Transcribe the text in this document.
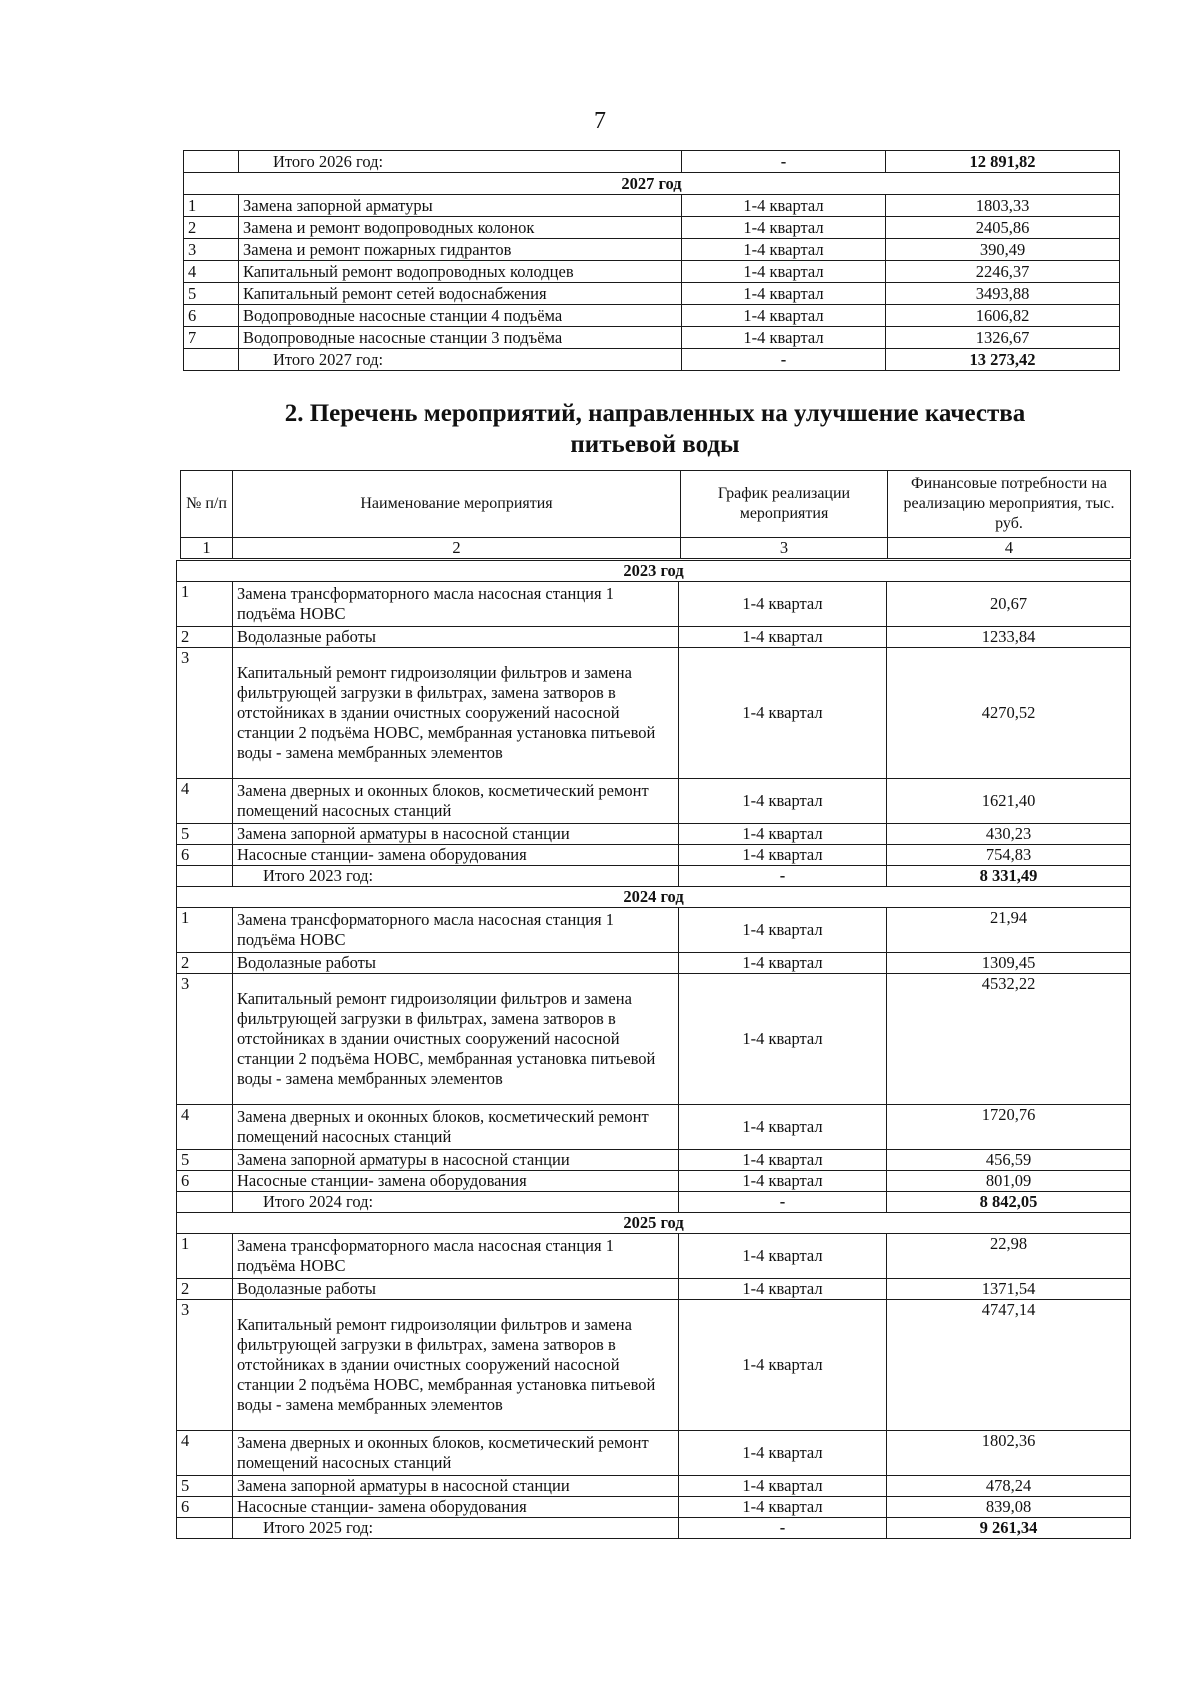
7
	Итого 2026 год:	-	12 891,82
2027 год			
1	Замена запорной арматуры	1-4 квартал	1803,33
2	Замена и ремонт водопроводных колонок	1-4 квартал	2405,86
3	Замена и ремонт пожарных гидрантов	1-4 квартал	390,49
4	Капитальный ремонт водопроводных колодцев	1-4 квартал	2246,37
5	Капитальный ремонт сетей водоснабжения	1-4 квартал	3493,88
6	Водопроводные насосные станции 4 подъёма	1-4 квартал	1606,82
7	Водопроводные насосные станции 3 подъёма	1-4 квартал	1326,67
	Итого 2027 год:	-	13 273,42
2. Перечень мероприятий, направленных на улучшение качества
питьевой воды
№ п/п	Наименование мероприятия	График реализации мероприятия	Финансовые потребности на реализацию мероприятия, тыс. руб.
1	2	3	4
2023 год			
1	Замена трансформаторного масла насосная станция 1 подъёма НОВС	1-4 квартал	20,67
2	Водолазные работы	1-4 квартал	1233,84
3	Капитальный ремонт гидроизоляции фильтров и замена фильтрующей загрузки в фильтрах, замена затворов в отстойниках в здании очистных сооружений насосной станции 2 подъёма НОВС, мембранная установка питьевой воды - замена мембранных элементов	1-4 квартал	4270,52
4	Замена дверных и оконных блоков, косметический ремонт помещений насосных станций	1-4 квартал	1621,40
5	Замена запорной арматуры в насосной станции	1-4 квартал	430,23
6	Насосные станции- замена оборудования	1-4 квартал	754,83
	Итого 2023 год:	-	8 331,49
2024 год			
1	Замена трансформаторного масла насосная станция 1 подъёма НОВС	1-4 квартал	21,94
2	Водолазные работы	1-4 квартал	1309,45
3	Капитальный ремонт гидроизоляции фильтров и замена фильтрующей загрузки в фильтрах, замена затворов в отстойниках в здании очистных сооружений насосной станции 2 подъёма НОВС, мембранная установка питьевой воды - замена мембранных элементов	1-4 квартал	4532,22
4	Замена дверных и оконных блоков, косметический ремонт помещений насосных станций	1-4 квартал	1720,76
5	Замена запорной арматуры в насосной станции	1-4 квартал	456,59
6	Насосные станции- замена оборудования	1-4 квартал	801,09
	Итого 2024 год:	-	8 842,05
2025 год			
1	Замена трансформаторного масла насосная станция 1 подъёма НОВС	1-4 квартал	22,98
2	Водолазные работы	1-4 квартал	1371,54
3	Капитальный ремонт гидроизоляции фильтров и замена фильтрующей загрузки в фильтрах, замена затворов в отстойниках в здании очистных сооружений насосной станции 2 подъёма НОВС, мембранная установка питьевой воды - замена мембранных элементов	1-4 квартал	4747,14
4	Замена дверных и оконных блоков, косметический ремонт помещений насосных станций	1-4 квартал	1802,36
5	Замена запорной арматуры в насосной станции	1-4 квартал	478,24
6	Насосные станции- замена оборудования	1-4 квартал	839,08
	Итого 2025 год:	-	9 261,34
